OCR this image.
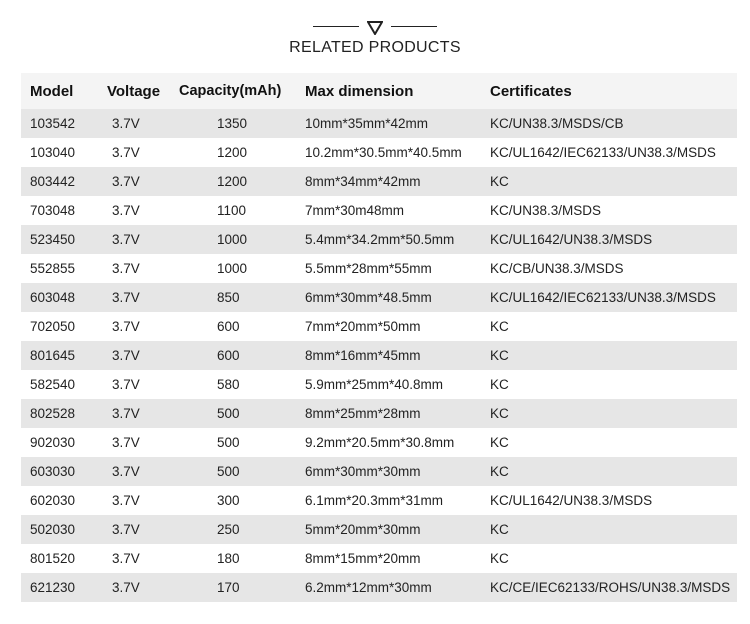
RELATED PRODUCTS
Model	Voltage	Capacity(mAh)	Max dimension	Certificates
103542	3.7V	1350	10mm*35mm*42mm	KC/UN38.3/MSDS/CB
103040	3.7V	1200	10.2mm*30.5mm*40.5mm	KC/UL1642/IEC62133/UN38.3/MSDS
803442	3.7V	1200	8mm*34mm*42mm	KC
703048	3.7V	1100	7mm*30m48mm	KC/UN38.3/MSDS
523450	3.7V	1000	5.4mm*34.2mm*50.5mm	KC/UL1642/UN38.3/MSDS
552855	3.7V	1000	5.5mm*28mm*55mm	KC/CB/UN38.3/MSDS
603048	3.7V	850	6mm*30mm*48.5mm	KC/UL1642/IEC62133/UN38.3/MSDS
702050	3.7V	600	7mm*20mm*50mm	KC
801645	3.7V	600	8mm*16mm*45mm	KC
582540	3.7V	580	5.9mm*25mm*40.8mm	KC
802528	3.7V	500	8mm*25mm*28mm	KC
902030	3.7V	500	9.2mm*20.5mm*30.8mm	KC
603030	3.7V	500	6mm*30mm*30mm	KC
602030	3.7V	300	6.1mm*20.3mm*31mm	KC/UL1642/UN38.3/MSDS
502030	3.7V	250	5mm*20mm*30mm	KC
801520	3.7V	180	8mm*15mm*20mm	KC
621230	3.7V	170	6.2mm*12mm*30mm	KC/CE/IEC62133/ROHS/UN38.3/MSDS
